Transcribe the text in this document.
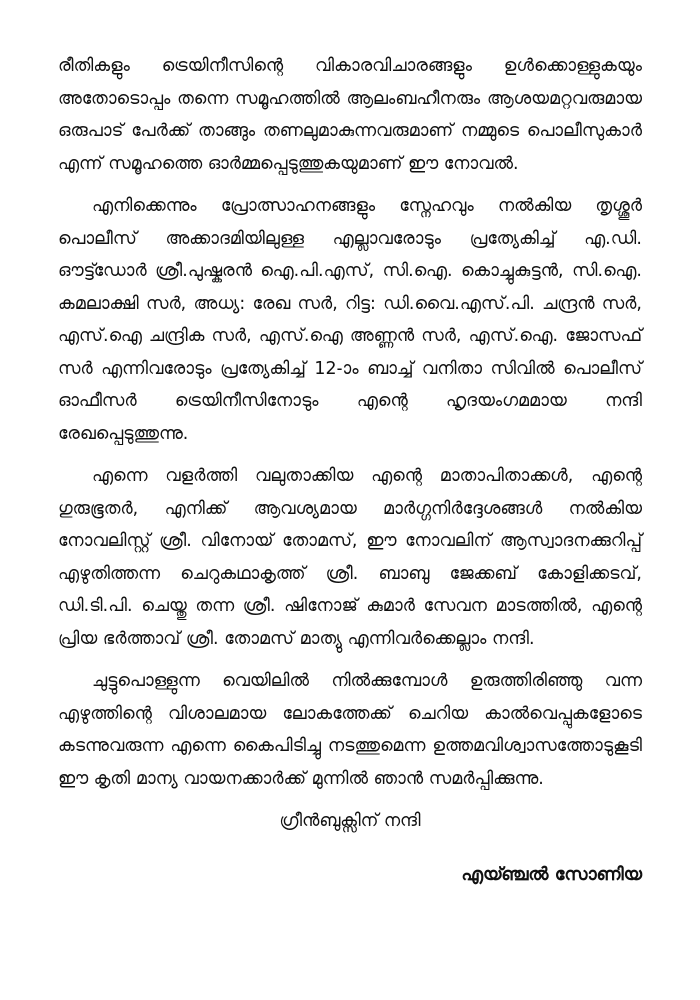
രീതികളും ട്രെയിനീസിന്റെ വികാരവിചാരങ്ങളും ഉൾക്കൊള്ളുകയും അതോടൊപ്പം തന്നെ സമൂഹത്തിൽ ആലംബഹീനരും ആശയമറ്റവരുമായ ഒരുപാട് പേർക്ക് താങ്ങും തണലുമാകുന്നവരുമാണ് നമ്മുടെ പൊലീസുകാർ എന്ന് സമൂഹത്തെ ഓർമ്മപ്പെടുത്തുകയുമാണ് ഈ നോവൽ.

എനിക്കെന്നും പ്രോത്സാഹനങ്ങളും സ്നേഹവും നൽകിയ തൃശ്ശൂർ പൊലീസ് അക്കാദമിയിലുള്ള എല്ലാവരോടും പ്രത്യേകിച്ച് എ.ഡി. ഔട്ട്ഡോർ ശ്രീ.പുഷ്കരൻ ഐ.പി.എസ്, സി.ഐ. കൊച്ചുകുട്ടൻ, സി.ഐ. കമലാക്ഷി സർ, അധ്യ: രേഖ സർ, റിട്ട: ഡി.വൈ.എസ്.പി. ചന്ദ്രൻ സർ, എസ്.ഐ ചന്ദ്രിക സർ, എസ്.ഐ അണ്ണൻ സർ, എസ്.ഐ. ജോസഫ് സർ എന്നിവരോടും പ്രത്യേകിച്ച് 12-ാം ബാച്ച് വനിതാ സിവിൽ പൊലീസ് ഓഫീസർ ട്രെയിനീസിനോടും എന്റെ ഹൃദയംഗമമായ നന്ദി രേഖപ്പെടുത്തുന്നു.

എന്നെ വളർത്തി വലുതാക്കിയ എന്റെ മാതാപിതാക്കൾ, എന്റെ ഗുരുഭൂതർ, എനിക്ക് ആവശ്യമായ മാർഗ്ഗനിർദ്ദേശങ്ങൾ നൽകിയ നോവലിസ്റ്റ് ശ്രീ. വിനോയ് തോമസ്, ഈ നോവലിന് ആസ്വാദനക്കുറിപ്പ് എഴുതിത്തന്ന ചെറുകഥാകൃത്ത് ശ്രീ. ബാബു ജേക്കബ് കോളിക്കടവ്, ഡി.ടി.പി. ചെയ്തു തന്ന ശ്രീ. ഷിനോജ് കുമാർ സേവന മാടത്തിൽ, എന്റെ പ്രിയ ഭർത്താവ് ശ്രീ. തോമസ് മാത്യു എന്നിവർക്കെല്ലാം നന്ദി.

ചുട്ടുപൊള്ളുന്ന വെയിലിൽ നിൽക്കുമ്പോൾ ഉരുത്തിരിഞ്ഞു വന്ന എഴുത്തിന്റെ വിശാലമായ ലോകത്തേക്ക് ചെറിയ കാൽവെപ്പുകളോടെ കടന്നുവരുന്ന എന്നെ കൈപിടിച്ചു നടത്തുമെന്ന ഉത്തമവിശ്വാസത്തോടുകൂടി ഈ കൃതി മാന്യ വായനക്കാർക്ക് മുന്നിൽ ഞാൻ സമർപ്പിക്കുന്നു.

ഗ്രീൻബുക്സിന് നന്ദി

എയ്ഞ്ചൽ സോണിയ
